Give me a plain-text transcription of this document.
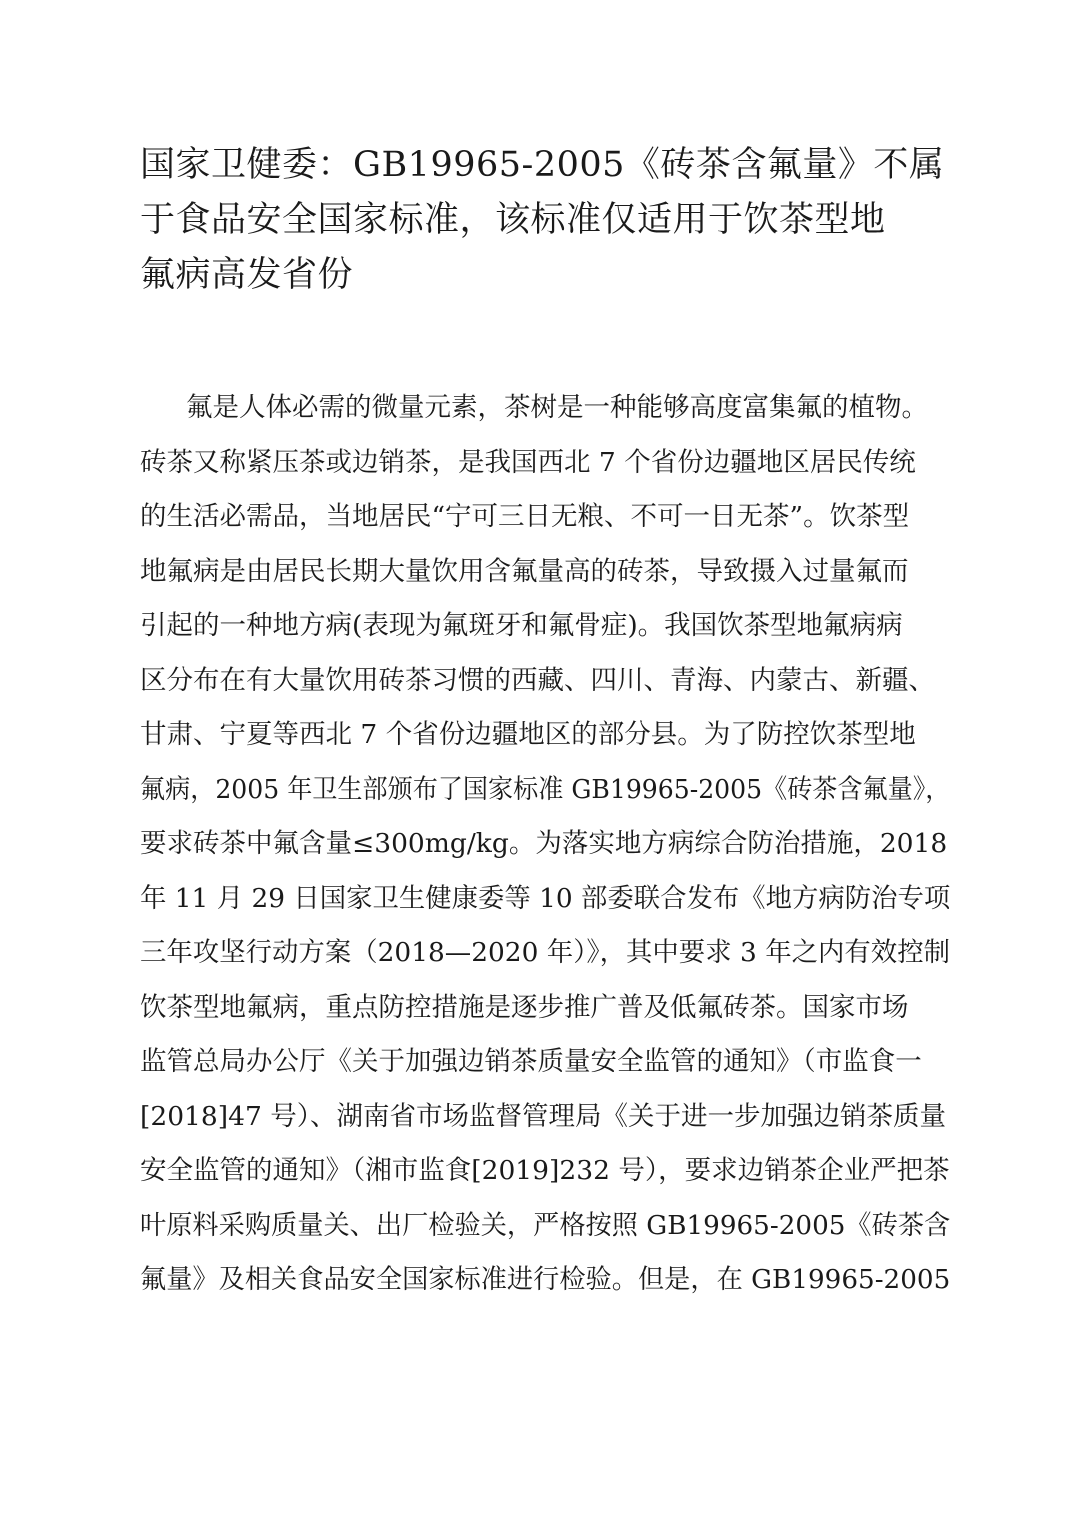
国家卫健委：GB19965-2005《砖茶含氟量》不属
于食品安全国家标准，该标准仅适用于饮茶型地
氟病高发省份
氟是人体必需的微量元素，茶树是一种能够高度富集氟的植物。
砖茶又称紧压茶或边销茶，是我国西北 7 个省份边疆地区居民传统
的生活必需品，当地居民“宁可三日无粮、不可一日无茶”。饮茶型
地氟病是由居民长期大量饮用含氟量高的砖茶，导致摄入过量氟而
引起的一种地方病(表现为氟斑牙和氟骨症)。我国饮茶型地氟病病
区分布在有大量饮用砖茶习惯的西藏、四川、青海、内蒙古、新疆、
甘肃、宁夏等西北 7 个省份边疆地区的部分县。为了防控饮茶型地
氟病，2005 年卫生部颁布了国家标准 GB19965-2005《砖茶含氟量》，
要求砖茶中氟含量≤300mg/kg。为落实地方病综合防治措施，2018
年 11 月 29 日国家卫生健康委等 10 部委联合发布《地方病防治专项
三年攻坚行动方案（2018—2020 年）》，其中要求 3 年之内有效控制
饮茶型地氟病，重点防控措施是逐步推广普及低氟砖茶。国家市场
监管总局办公厅《关于加强边销茶质量安全监管的通知》（市监食一
[2018]47 号）、湖南省市场监督管理局《关于进一步加强边销茶质量
安全监管的通知》（湘市监食[2019]232 号），要求边销茶企业严把茶
叶原料采购质量关、出厂检验关，严格按照 GB19965-2005《砖茶含
氟量》及相关食品安全国家标准进行检验。但是，在 GB19965-2005
